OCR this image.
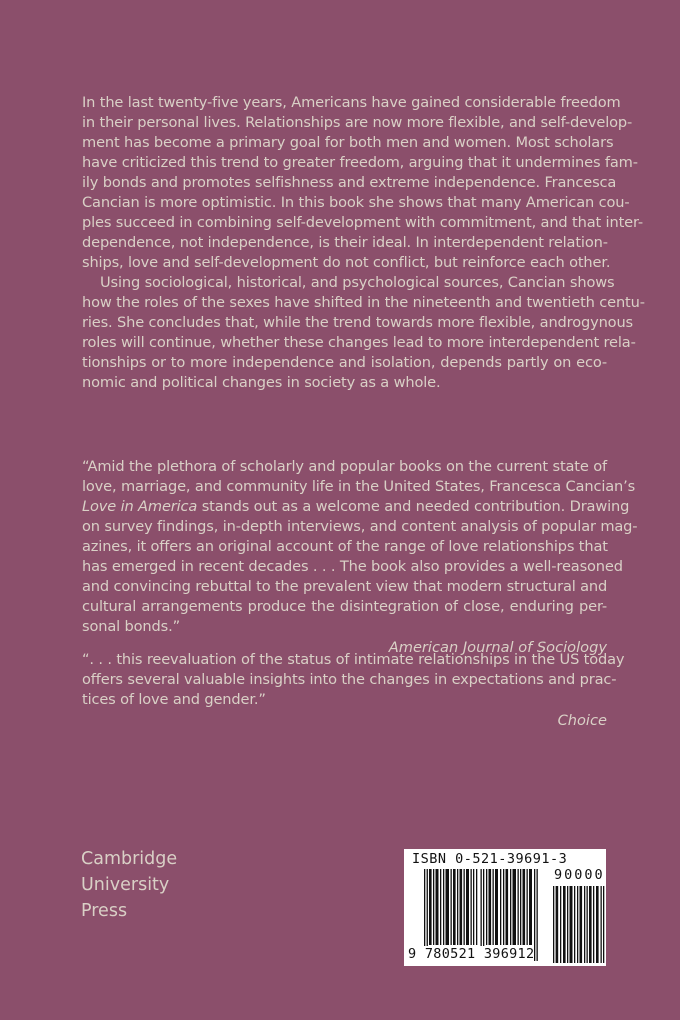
In the last twenty-five years, Americans have gained considerable freedom
in their personal lives. Relationships are now more flexible, and self-develop-
ment has become a primary goal for both men and women. Most scholars
have criticized this trend to greater freedom, arguing that it undermines fam-
ily bonds and promotes selfishness and extreme independence. Francesca
Cancian is more optimistic. In this book she shows that many American cou-
ples succeed in combining self-development with commitment, and that inter-
dependence, not independence, is their ideal. In interdependent relation-
ships, love and self-development do not conflict, but reinforce each other.
Using sociological, historical, and psychological sources, Cancian shows
how the roles of the sexes have shifted in the nineteenth and twentieth centu-
ries. She concludes that, while the trend towards more flexible, androgynous
roles will continue, whether these changes lead to more interdependent rela-
tionships or to more independence and isolation, depends partly on eco-
nomic and political changes in society as a whole.
“Amid the plethora of scholarly and popular books on the current state of
love, marriage, and community life in the United States, Francesca Cancian’s
Love in America stands out as a welcome and needed contribution. Drawing
on survey findings, in-depth interviews, and content analysis of popular mag-
azines, it offers an original account of the range of love relationships that
has emerged in recent decades . . . The book also provides a well-reasoned
and convincing rebuttal to the prevalent view that modern structural and
cultural arrangements produce the disintegration of close, enduring per-
sonal bonds.”
American Journal of Sociology
“. . . this reevaluation of the status of intimate relationships in the US today
offers several valuable insights into the changes in expectations and prac-
tices of love and gender.”
Choice
Cambridge
University
Press
ISBN 0-521-39691-3
90000
9 780521 396912
